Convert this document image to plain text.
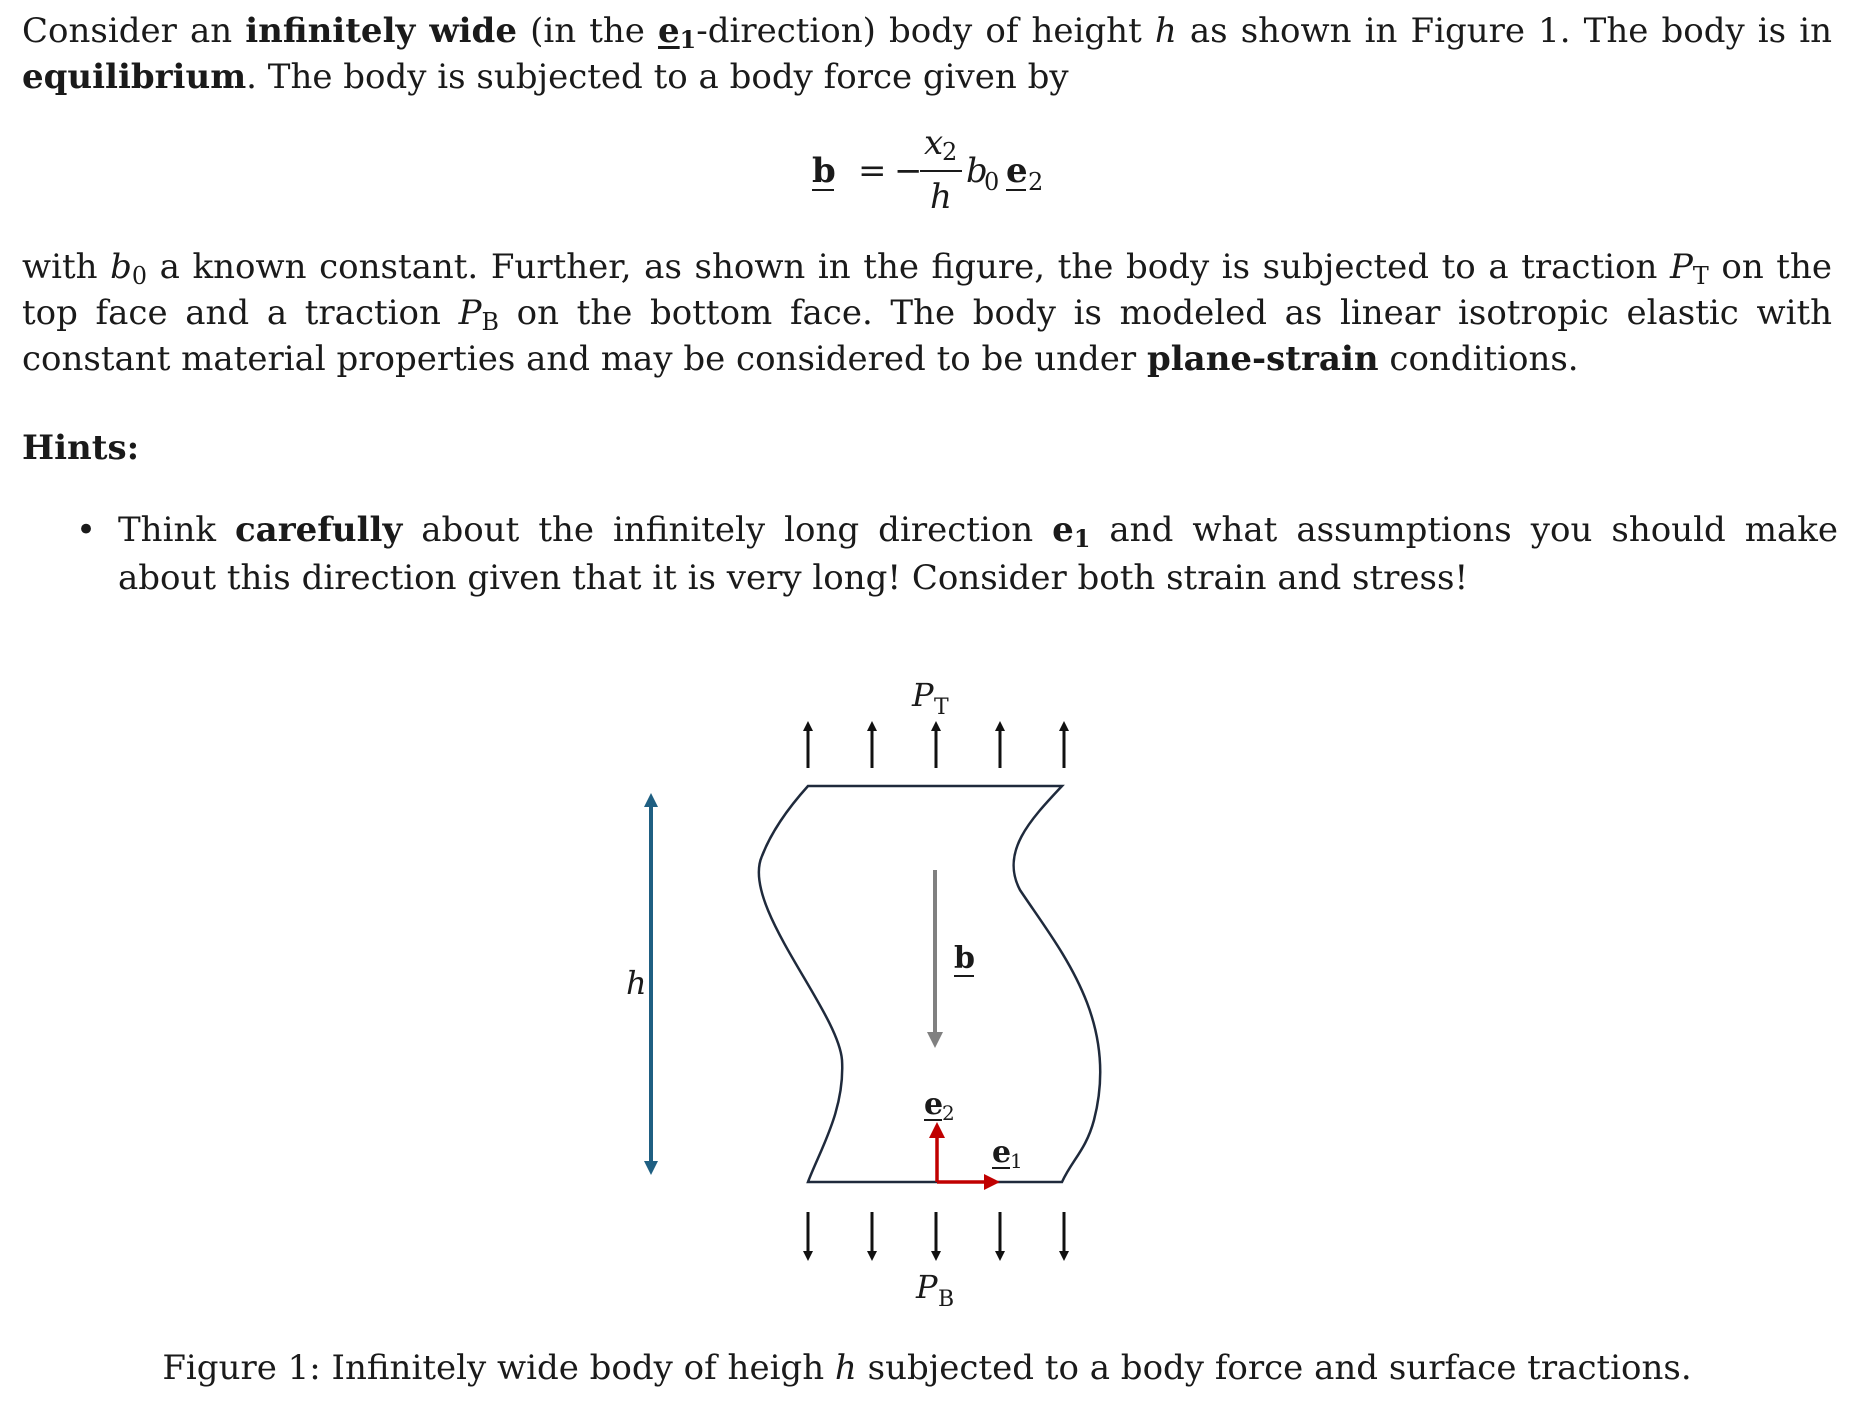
Consider an infinitely wide (in the $e_1-direction$) body of height h as shown in Figure 1. The body is in equilibrium. The body is subjected to a body force given by
b = −
x
2
h
b
0 e 2
with $b_0$ a known constant. Further, as shown in the figure, the body is subjected to a traction $P_T$ on the top face and a traction $P_B$ on the bottom face. The body is modeled as linear isotropic elastic with constant material properties and may be considered to be under plane-strain conditions.
Hints:
• Think carefully about the infinitely long direction $e_1$ and what assumptions you should make about this direction given that it is very long! Consider both strain and stress!
P T
h
b
e
2
e
1
P B
Figure 1: Infinitely wide body of heigh h subjected to a body force and surface tractions.
